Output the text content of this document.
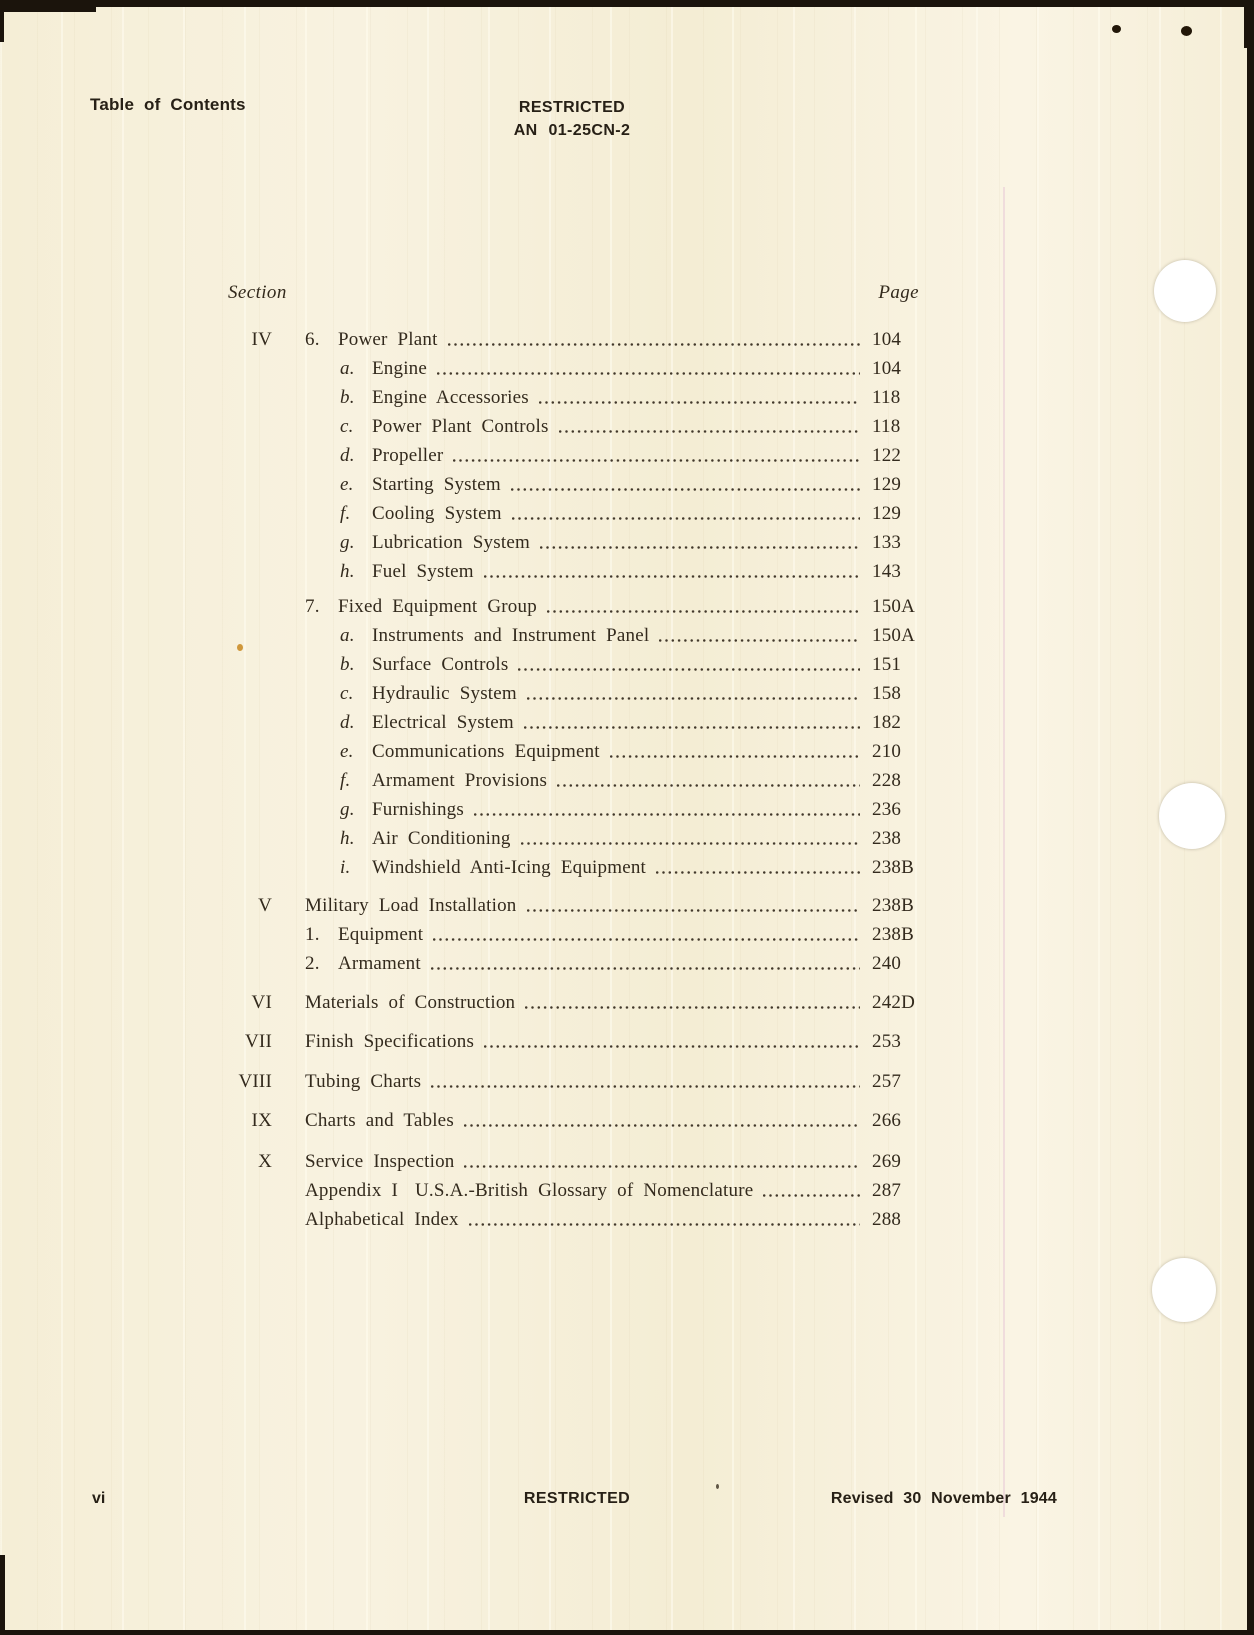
Table of Contents	RESTRICTED
AN 01-25CN-2
Section	Page
IV 6. Power Plant	104
a. Engine	104
b. Engine Accessories	118
c. Power Plant Controls	118
d. Propeller	122
e. Starting System	129
f.	Cooling System	129
g. Lubrication System	133
h. Fuel System	143
7. Fixed Equipment Group	150A
a. Instruments and Instrument Panel	150A
b. Surface Controls	151
c. Hydraulic System	158
d. Electrical System	182
e. Communications Equipment	210
f.	Armament Provisions	228
g. Furnishings	236
h. Air Conditioning	238
i.	Windshield Anti-Icing Equipment	238B
V Military Load Installation	238B
1. Equipment	238B
2. Armament	240
VI Materials of Construction	242D
VII Finish Specifications	253
VIII Tubing Charts	257
IX Charts and Tables	266
X Service Inspection	269
Appendix I U.S.A.-British Glossary of Nomenclature	287
Alphabetical Index	288
vi	RESTRICTED	Revised 30 November 1944
